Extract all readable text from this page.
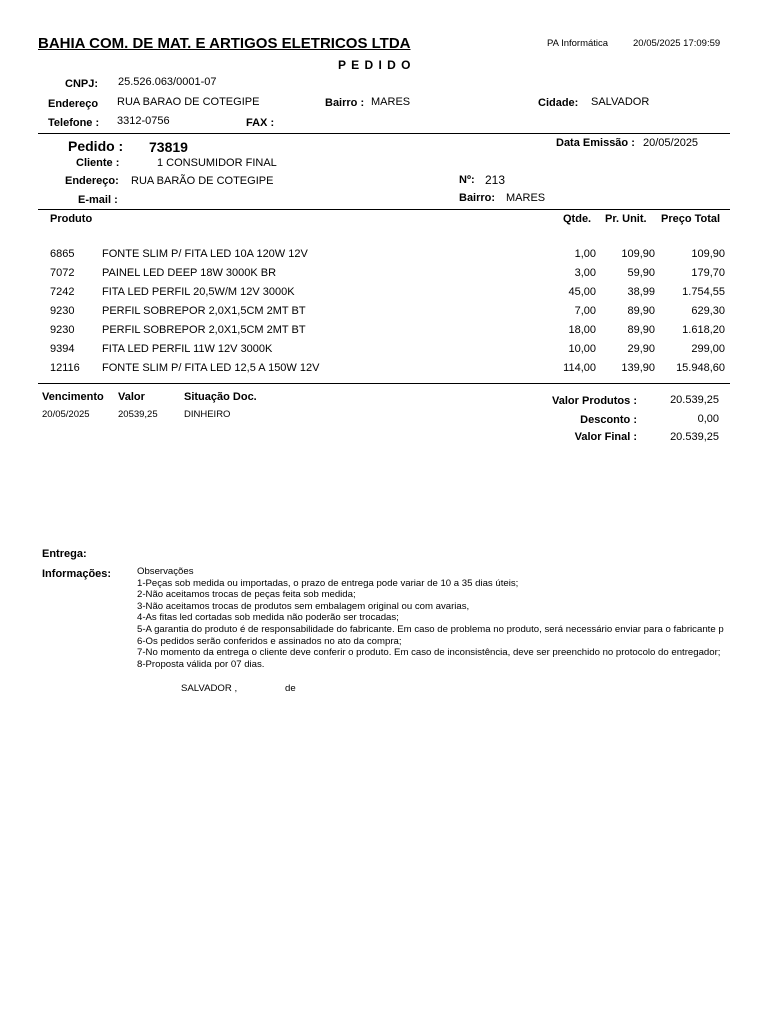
BAHIA COM. DE MAT. E ARTIGOS ELETRICOS LTDA
P E D I D O
PA Informática	20/05/2025 17:09:59
CNPJ: 25.526.063/0001-07
Endereço RUA BARAO DE COTEGIPE	Bairro : MARES	Cidade: SALVADOR
Telefone : 3312-0756	FAX :
Pedido : 73819	Data Emissão : 20/05/2025
Cliente :	1 CONSUMIDOR FINAL
Endereço: RUA BARÃO DE COTEGIPE	Nº: 213
E-mail :	Bairro: MARES
Produto	Qtde. Pr. Unit. Preço Total
6865	FONTE SLIM P/ FITA LED 10A 120W 12V	1,00	109,90	109,90
7072	PAINEL LED DEEP 18W 3000K BR	3,00	59,90	179,70
7242	FITA LED PERFIL 20,5W/M 12V 3000K	45,00	38,99	1.754,55
9230	PERFIL SOBREPOR 2,0X1,5CM 2MT BT	7,00	89,90	629,30
9230	PERFIL SOBREPOR 2,0X1,5CM 2MT BT	18,00	89,90	1.618,20
9394	FITA LED PERFIL 11W 12V 3000K	10,00	29,90	299,00
12116 FONTE SLIM P/ FITA LED 12,5 A 150W 12V	114,00	139,90	15.948,60
Vencimento Valor	Situação Doc.
20/05/2025	20539,25	DINHEIRO
Valor Produtos :	20.539,25
Desconto :	0,00
Valor Final :	20.539,25
Entrega:
Informações:	Observações
1-Peças sob medida ou importadas, o prazo de entrega pode variar de 10 a 35 dias úteis;
2-Não aceitamos trocas de peças feita sob medida;
3-Não aceitamos trocas de produtos sem embalagem original ou com avarias,
4-As fitas led cortadas sob medida não poderão ser trocadas;
5-A garantia do produto é de responsabilidade do fabricante. Em caso de problema no produto, será necessário enviar para o fabricante p
6-Os pedidos serão conferidos e assinados no ato da compra;
7-No momento da entrega o cliente deve conferir o produto. Em caso de inconsistência, deve ser preenchido no protocolo do entregador;
8-Proposta válida por 07 dias.
SALVADOR ,	de
